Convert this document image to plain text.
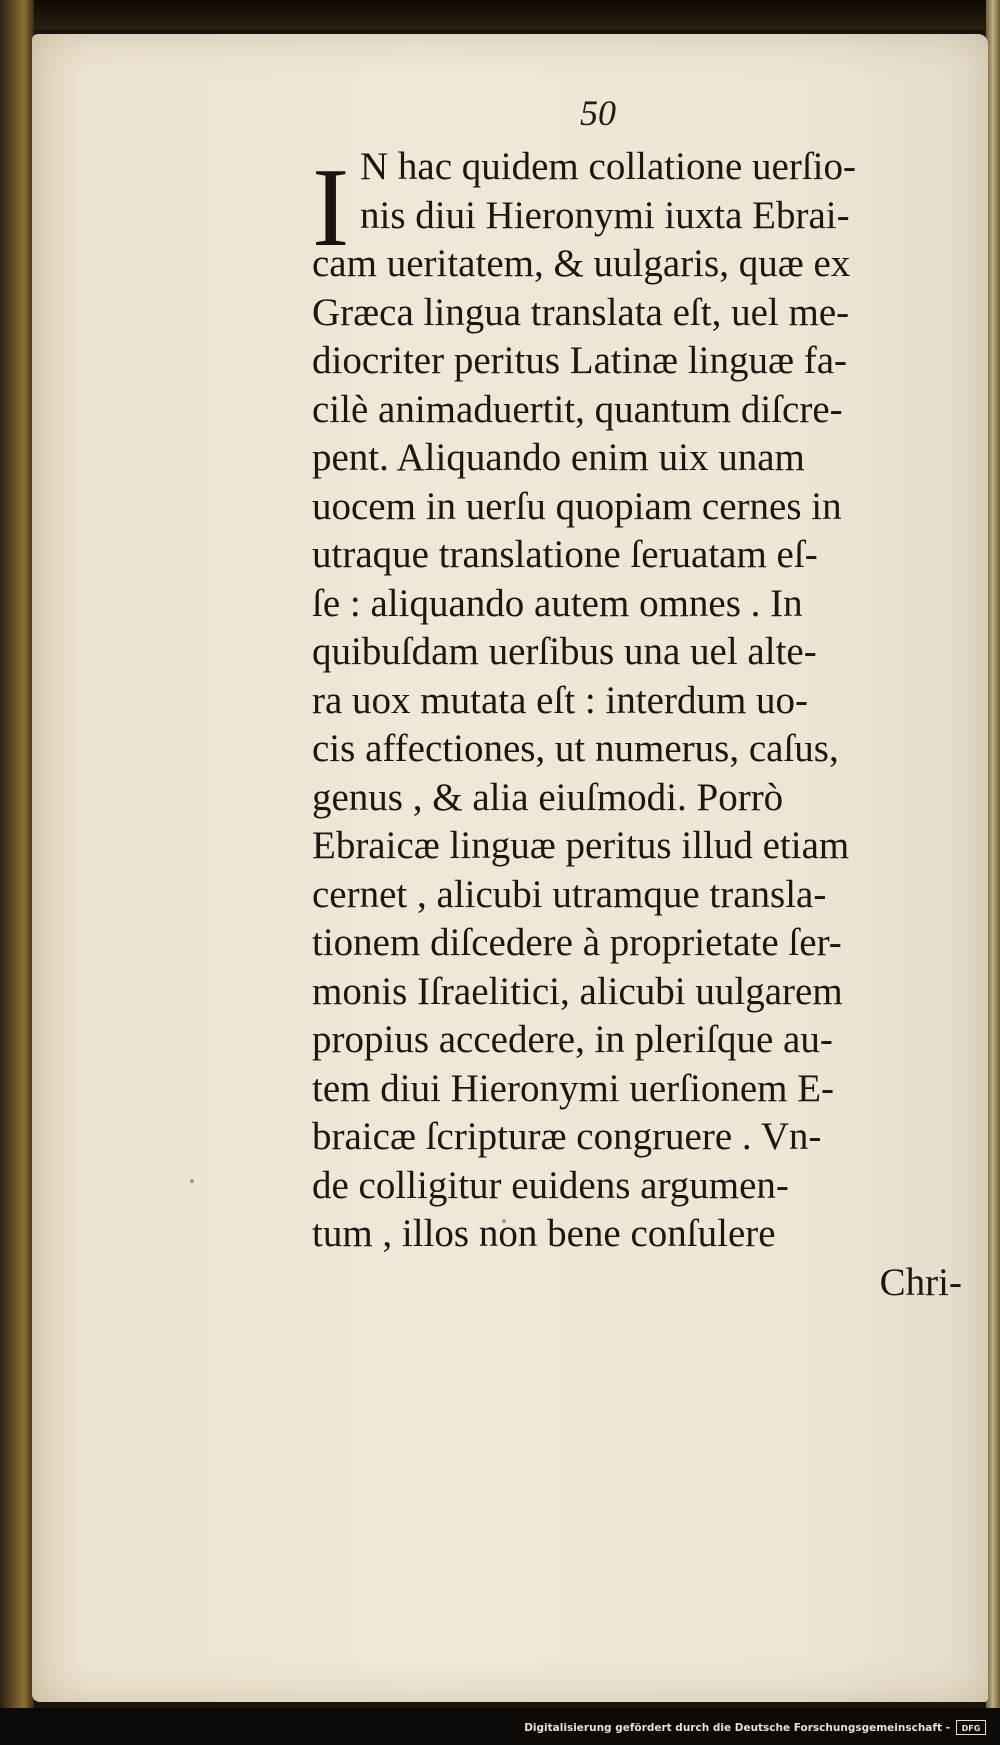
50
I N hac quidem collatione uerſio-
nis diui Hieronymi iuxta Ebrai-
cam ueritatem, & uulgaris, quæ ex
Græca lingua translata eſt, uel me-
diocriter peritus Latinæ linguæ fa-
cilè animaduertit, quantum diſcre-
pent. Aliquando enim uix unam
uocem in uerſu quopiam cernes in
utraque translatione ſeruatam eſ-
ſe : aliquando autem omnes . In
quibuſdam uerſibus una uel alte-
ra uox mutata eſt : interdum uo-
cis affectiones, ut numerus, caſus,
genus , & alia eiuſmodi. Porrò
Ebraicæ linguæ peritus illud etiam
cernet , alicubi utramque transla-
tionem diſcedere à proprietate ſer-
monis Iſraelitici, alicubi uulgarem
propius accedere, in pleriſque au-
tem diui Hieronymi uerſionem E-
braicæ ſcripturæ congruere . Vn-
de colligitur euidens argumen-
tum , illos non bene conſulere
Chri-
Digitalisierung gefördert durch die Deutsche Forschungsgemeinschaft -	DFG
